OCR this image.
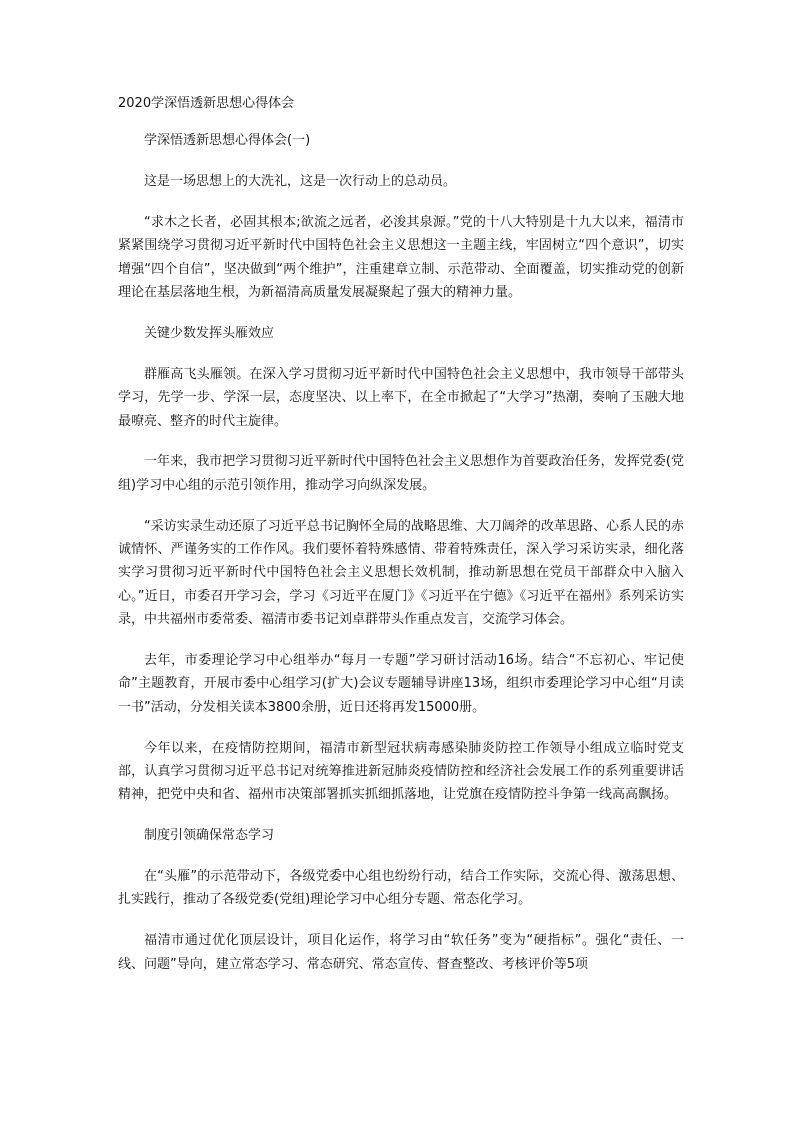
2020学深悟透新思想心得体会

学深悟透新思想心得体会(一)

这是一场思想上的大洗礼，这是一次行动上的总动员。

“求木之长者，必固其根本;欲流之远者，必浚其泉源。”党的十八大特别是十九大以来，福清市紧紧围绕学习贯彻习近平新时代中国特色社会主义思想这一主题主线，牢固树立“四个意识”，切实增强“四个自信”，坚决做到“两个维护”，注重建章立制、示范带动、全面覆盖，切实推动党的创新理论在基层落地生根，为新福清高质量发展凝聚起了强大的精神力量。

关键少数发挥头雁效应

群雁高飞头雁领。在深入学习贯彻习近平新时代中国特色社会主义思想中，我市领导干部带头学习，先学一步、学深一层，态度坚决、以上率下，在全市掀起了“大学习”热潮，奏响了玉融大地最嘹亮、整齐的时代主旋律。

一年来，我市把学习贯彻习近平新时代中国特色社会主义思想作为首要政治任务，发挥党委(党组)学习中心组的示范引领作用，推动学习向纵深发展。

“采访实录生动还原了习近平总书记胸怀全局的战略思维、大刀阔斧的改革思路、心系人民的赤诚情怀、严谨务实的工作作风。我们要怀着特殊感情、带着特殊责任，深入学习采访实录，细化落实学习贯彻习近平新时代中国特色社会主义思想长效机制，推动新思想在党员干部群众中入脑入心。”近日，市委召开学习会，学习《习近平在厦门》《习近平在宁德》《习近平在福州》系列采访实录，中共福州市委常委、福清市委书记刘卓群带头作重点发言，交流学习体会。

去年，市委理论学习中心组举办“每月一专题”学习研讨活动16场。结合“不忘初心、牢记使命”主题教育，开展市委中心组学习(扩大)会议专题辅导讲座13场，组织市委理论学习中心组“月读一书”活动，分发相关读本3800余册，近日还将再发15000册。

今年以来，在疫情防控期间，福清市新型冠状病毒感染肺炎防控工作领导小组成立临时党支部，认真学习贯彻习近平总书记对统筹推进新冠肺炎疫情防控和经济社会发展工作的系列重要讲话精神，把党中央和省、福州市决策部署抓实抓细抓落地，让党旗在疫情防控斗争第一线高高飘扬。

制度引领确保常态学习

在“头雁”的示范带动下，各级党委中心组也纷纷行动，结合工作实际，交流心得、激荡思想、扎实践行，推动了各级党委(党组)理论学习中心组分专题、常态化学习。

福清市通过优化顶层设计，项目化运作，将学习由“软任务”变为“硬指标”。强化“责任、一线、问题”导向，建立常态学习、常态研究、常态宣传、督查整改、考核评价等5项
